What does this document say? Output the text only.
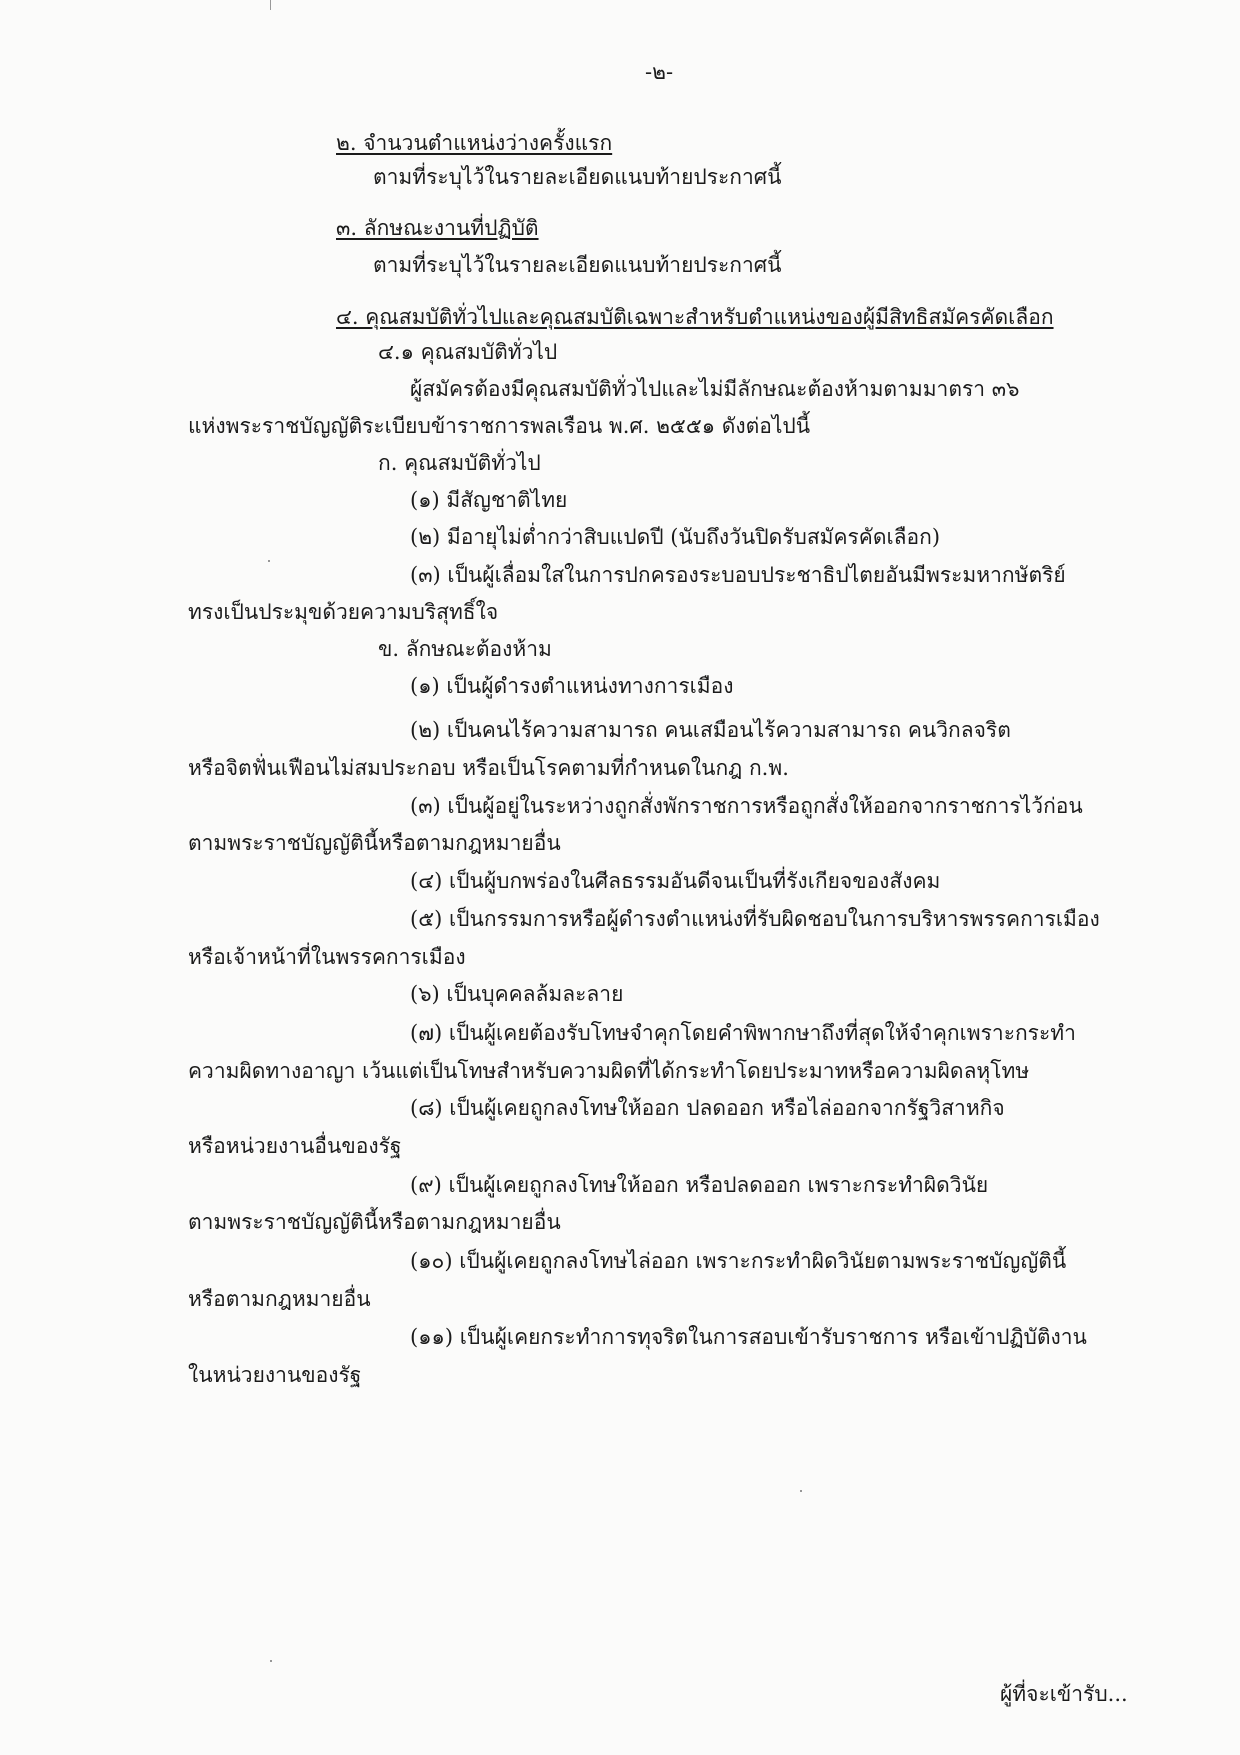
-๒-
๒. จำนวนตำแหน่งว่างครั้งแรก
ตามที่ระบุไว้ในรายละเอียดแนบท้ายประกาศนี้
๓. ลักษณะงานที่ปฏิบัติ
ตามที่ระบุไว้ในรายละเอียดแนบท้ายประกาศนี้
๔. คุณสมบัติทั่วไปและคุณสมบัติเฉพาะสำหรับตำแหน่งของผู้มีสิทธิสมัครคัดเลือก
๔.๑ คุณสมบัติทั่วไป
ผู้สมัครต้องมีคุณสมบัติทั่วไปและไม่มีลักษณะต้องห้ามตามมาตรา ๓๖
แห่งพระราชบัญญัติระเบียบข้าราชการพลเรือน พ.ศ. ๒๕๕๑ ดังต่อไปนี้
ก. คุณสมบัติทั่วไป
(๑) มีสัญชาติไทย
(๒) มีอายุไม่ต่ำกว่าสิบแปดปี (นับถึงวันปิดรับสมัครคัดเลือก)
(๓) เป็นผู้เลื่อมใสในการปกครองระบอบประชาธิปไตยอันมีพระมหากษัตริย์
ทรงเป็นประมุขด้วยความบริสุทธิ์ใจ
ข. ลักษณะต้องห้าม
(๑) เป็นผู้ดำรงตำแหน่งทางการเมือง
(๒) เป็นคนไร้ความสามารถ คนเสมือนไร้ความสามารถ คนวิกลจริต
หรือจิตฟั่นเฟือนไม่สมประกอบ หรือเป็นโรคตามที่กำหนดในกฎ ก.พ.
(๓) เป็นผู้อยู่ในระหว่างถูกสั่งพักราชการหรือถูกสั่งให้ออกจากราชการไว้ก่อน
ตามพระราชบัญญัตินี้หรือตามกฎหมายอื่น
(๔) เป็นผู้บกพร่องในศีลธรรมอันดีจนเป็นที่รังเกียจของสังคม
(๕) เป็นกรรมการหรือผู้ดำรงตำแหน่งที่รับผิดชอบในการบริหารพรรคการเมือง
หรือเจ้าหน้าที่ในพรรคการเมือง
(๖) เป็นบุคคลล้มละลาย
(๗) เป็นผู้เคยต้องรับโทษจำคุกโดยคำพิพากษาถึงที่สุดให้จำคุกเพราะกระทำ
ความผิดทางอาญา เว้นแต่เป็นโทษสำหรับความผิดที่ได้กระทำโดยประมาทหรือความผิดลหุโทษ
(๘) เป็นผู้เคยถูกลงโทษให้ออก ปลดออก หรือไล่ออกจากรัฐวิสาหกิจ
หรือหน่วยงานอื่นของรัฐ
(๙) เป็นผู้เคยถูกลงโทษให้ออก หรือปลดออก เพราะกระทำผิดวินัย
ตามพระราชบัญญัตินี้หรือตามกฎหมายอื่น
(๑๐) เป็นผู้เคยถูกลงโทษไล่ออก เพราะกระทำผิดวินัยตามพระราชบัญญัตินี้
หรือตามกฎหมายอื่น
(๑๑) เป็นผู้เคยกระทำการทุจริตในการสอบเข้ารับราชการ หรือเข้าปฏิบัติงาน
ในหน่วยงานของรัฐ
ผู้ที่จะเข้ารับ...
